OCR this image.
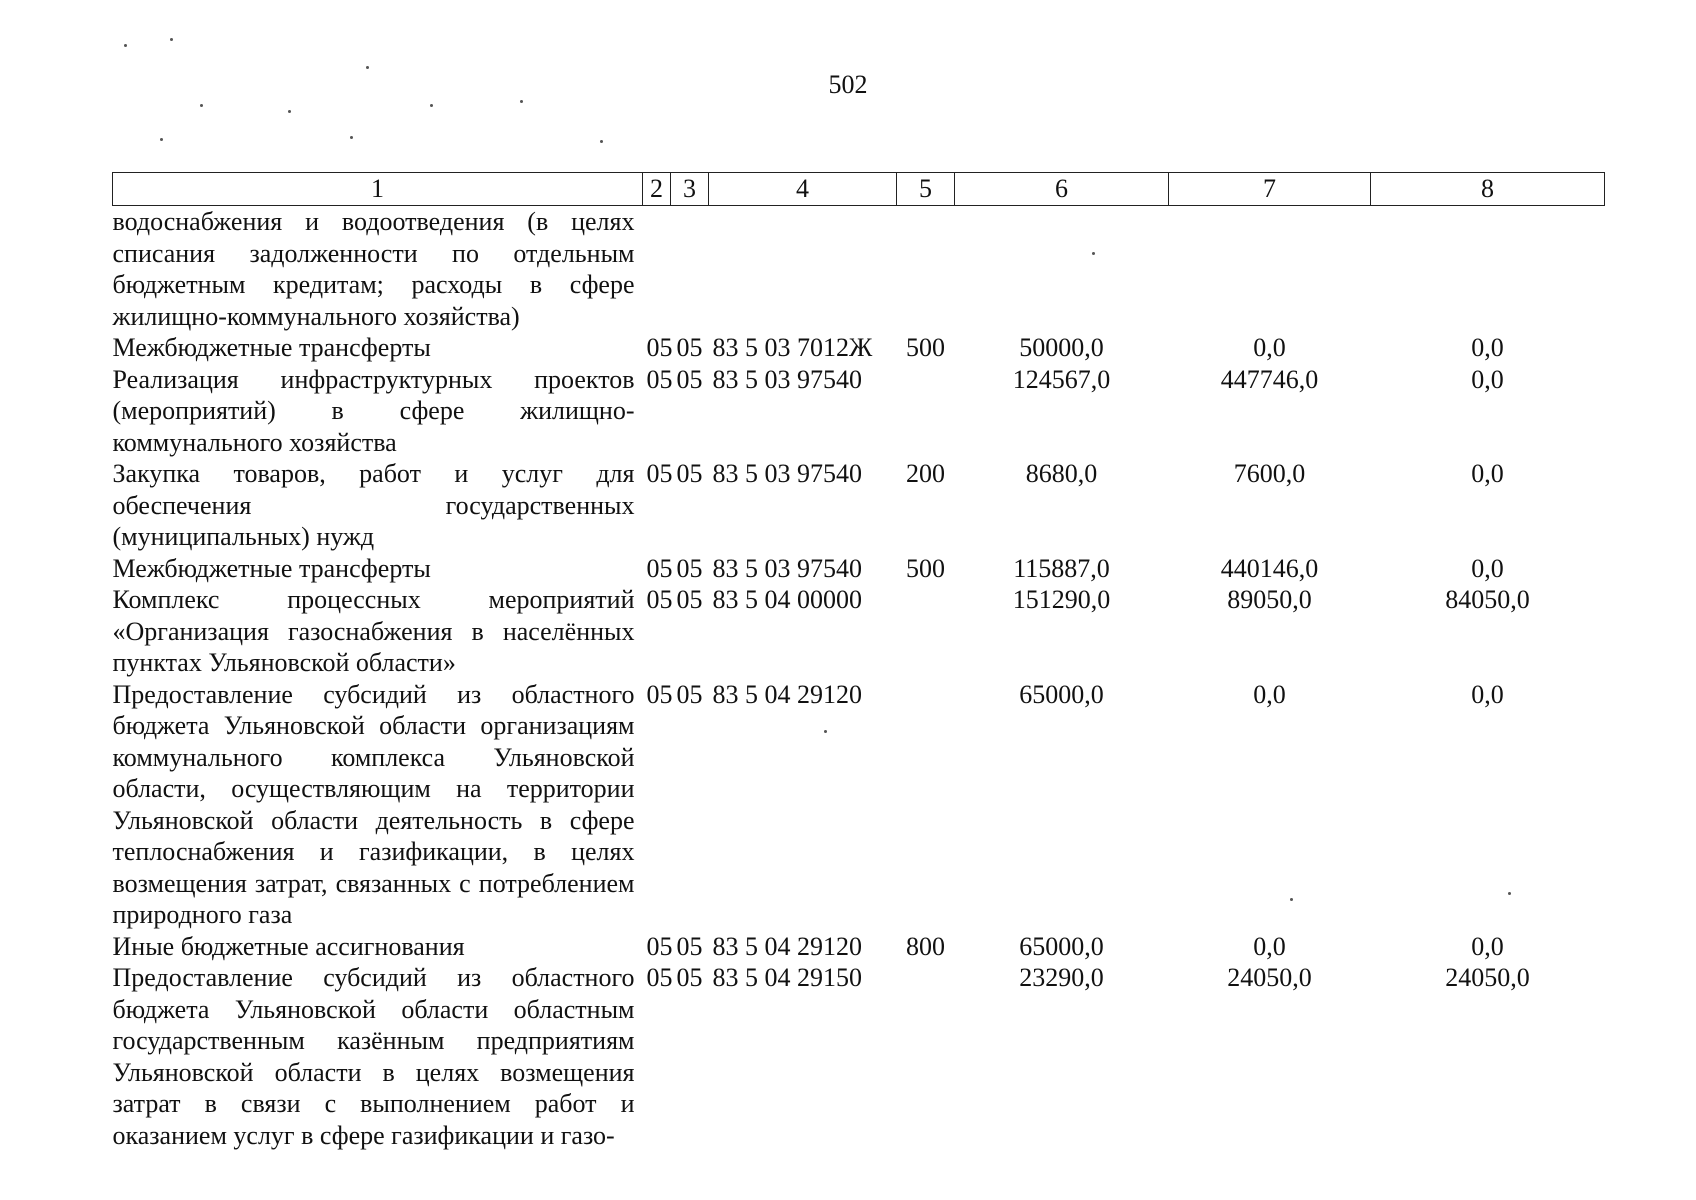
502
1	2	3	4	5	6	7	8
водоснабжения и водоотведения (в целях списания задолженности по отдельным бюджетным кредитам; расходы в сфере жилищно-коммунального хозяйства)							
Межбюджетные трансферты	05	05	83 5 03 7012Ж	500	50000,0	0,0	0,0
Реализация инфраструктурных проектов (мероприятий) в сфере жилищно-коммунального хозяйства	05	05	83 5 03 97540		124567,0	447746,0	0,0
Закупка товаров, работ и услуг для обеспечения государственных (муниципальных) нужд	05	05	83 5 03 97540	200	8680,0	7600,0	0,0
Межбюджетные трансферты	05	05	83 5 03 97540	500	115887,0	440146,0	0,0
Комплекс процессных мероприятий «Организация газоснабжения в населённых пунктах Ульяновской области»	05	05	83 5 04 00000		151290,0	89050,0	84050,0
Предоставление субсидий из областного бюджета Ульяновской области организациям коммунального комплекса Ульяновской области, осуществляющим на территории Ульяновской области деятельность в сфере теплоснабжения и газификации, в целях возмещения затрат, связанных с потреблением природного газа	05	05	83 5 04 29120		65000,0	0,0	0,0
Иные бюджетные ассигнования	05	05	83 5 04 29120	800	65000,0	0,0	0,0
Предоставление субсидий из областного бюджета Ульяновской области областным государственным казённым предприятиям Ульяновской области в целях возмещения затрат в связи с выполнением работ и оказанием услуг в сфере газификации и газо-	05	05	83 5 04 29150		23290,0	24050,0	24050,0
